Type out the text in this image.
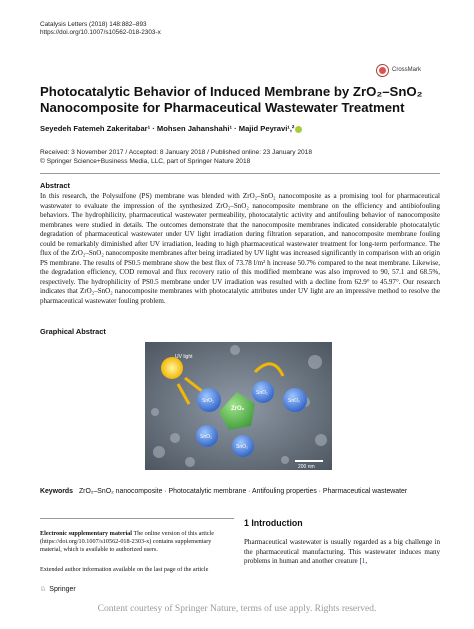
Catalysis Letters (2018) 148:882–893
https://doi.org/10.1007/s10562-018-2303-x
CrossMark
Photocatalytic Behavior of Induced Membrane by ZrO₂–SnO₂
Nanocomposite for Pharmaceutical Wastewater Treatment
Seyedeh Fatemeh Zakeritabar¹ · Mohsen Jahanshahi¹ · Majid Peyravi¹,²
Received: 3 November 2017 / Accepted: 8 January 2018 / Published online: 23 January 2018
© Springer Science+Business Media, LLC, part of Springer Nature 2018
Abstract
In this research, the Polysulfone (PS) membrane was blended with ZrO₂–SnO₂ nanocomposite as a promising tool for pharmaceutical wastewater to evaluate the impression of the synthesized ZrO₂–SnO₂ nanocomposite membrane on the efficiency and antibiofouling behaviors. The hydrophilicity, pharmaceutical wastewater permeability, photocatalytic activity and antifouling behavior of nanocomposite membranes were studied in details. The outcomes demonstrate that the nanocomposite membranes indicated considerable photocatalytic degradation of pharmaceutical wastewater under UV light irradiation during filtration separation, and nanocomposite membrane fouling could be remarkably diminished after UV irradiation, leading to high pharmaceutical wastewater treatment for long-term performance. The flux of the ZrO₂–SnO₂ nanocomposite membranes after being irradiated by UV light was increased significantly in comparison with an origin PS membrane. The results of PS0.5 membrane show the best flux of 73.78 l/m² h increase 50.7% compared to the neat membrane. Likewise, the degradation efficiency, COD removal and flux recovery ratio of this modified membrane was also improved to 90, 57.1 and 68.5%, respectively. The hydrophilicity of PS0.5 membrane under UV irradiation was resulted with a decline from 62.9° to 45.97°. Our research indicates that ZrO₂–SnO₂ nanocomposite membranes with photocatalytic attributes under UV light are an impressive method to resolve the pharmaceutical wastewater fouling problem.
Graphical Abstract
UV light
SnO₂
SnO₂
SnO₂
SnO₂
SnO₂
ZrO₂
200 nm
Keywords ZrO₂–SnO₂ nanocomposite · Photocatalytic membrane · Antifouling properties · Pharmaceutical wastewater
Electronic supplementary material The online version of this article (https://doi.org/10.1007/s10562-018-2303-x) contains supplementary material, which is available to authorized users.
Extended author information available on the last page of the article
♘ Springer
1 Introduction
Pharmaceutical wastewater is usually regarded as a big challenge in the pharmaceutical manufacturing. This wastewater induces many problems in human and another creature [1,
Content courtesy of Springer Nature, terms of use apply. Rights reserved.
